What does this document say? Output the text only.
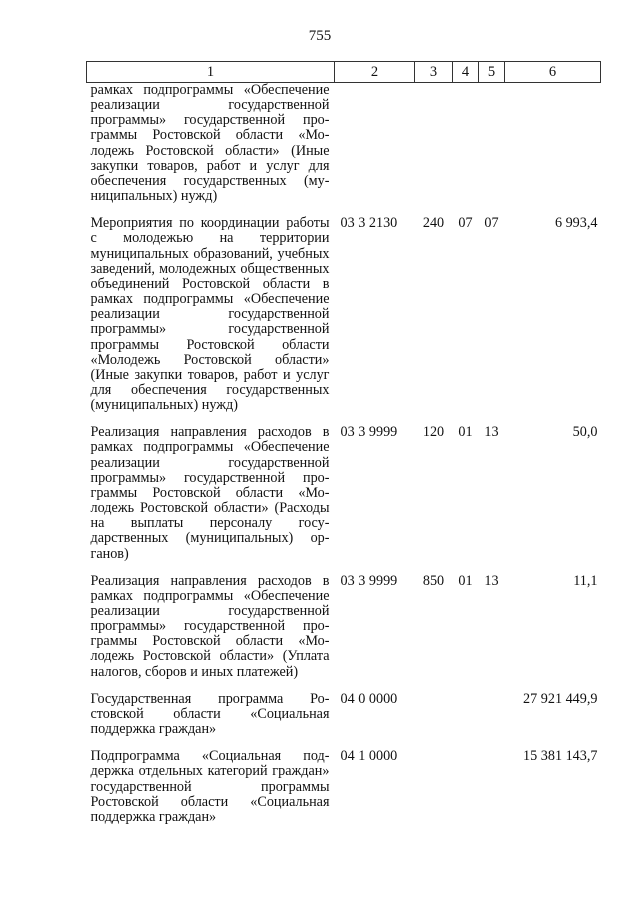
755
1	2	3	4	5	6
рамках подпрограммы «Обеспечение реализации государственной программы» государственной программы Ростовской области «Молодежь Ростовской области» (Иные закупки товаров, работ и услуг для обеспечения государственных (муниципальных) нужд)					
Мероприятия по координации работы с молодежью на территории муниципальных образований, учебных заведений, молодежных общественных объединений Ростовской области в рамках подпрограммы «Обеспечение реализации государственной программы» государственной программы Ростовской области «Молодежь Ростовской области» (Иные закупки товаров, работ и услуг для обеспечения государственных (муниципальных) нужд)	03 3 2130	240	07	07	6 993,4
Реализация направления расходов в рамках подпрограммы «Обеспечение реализации государственной программы» государственной программы Ростовской области «Молодежь Ростовской области» (Расходы на выплаты персоналу государственных (муниципальных) органов)	03 3 9999	120	01	13	50,0
Реализация направления расходов в рамках подпрограммы «Обеспечение реализации государственной программы» государственной программы Ростовской области «Молодежь Ростовской области» (Уплата налогов, сборов и иных платежей)	03 3 9999	850	01	13	11,1
Государственная программа Ростовской области «Социальная поддержка граждан»	04 0 0000				27 921 449,9
Подпрограмма «Социальная поддержка отдельных категорий граждан» государственной программы Ростовской области «Социальная поддержка граждан»	04 1 0000				15 381 143,7
